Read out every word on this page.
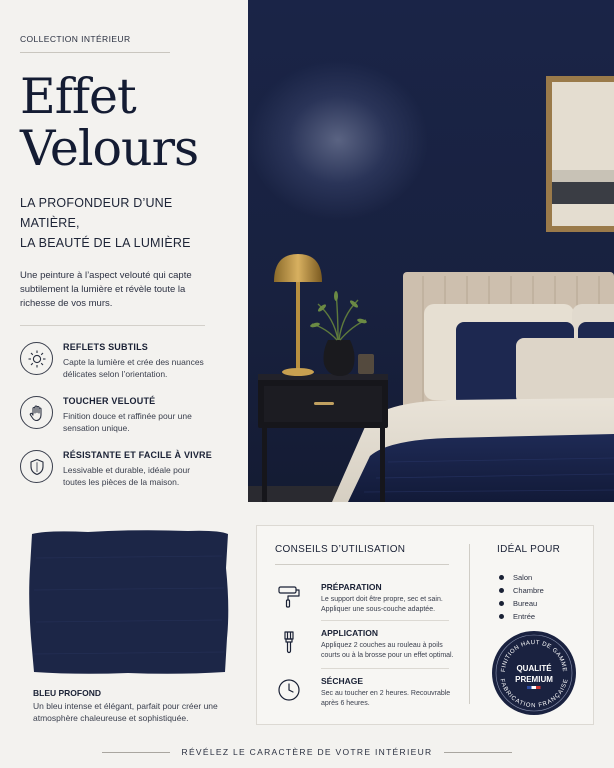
COLLECTION INTÉRIEUR
Effet
Velours
LA PROFONDEUR D’UNE MATIÈRE,
LA BEAUTÉ DE LA LUMIÈRE
Une peinture à l’aspect velouté qui capte subtilement la lumière et révèle toute la richesse de vos murs.
REFLETS SUBTILS
Capte la lumière et crée des nuances délicates selon l’orientation.
TOUCHER VELOUTÉ
Finition douce et raffinée pour une sensation unique.
RÉSISTANTE ET FACILE À VIVRE
Lessivable et durable, idéale pour toutes les pièces de la maison.
BLEU PROFOND
Un bleu intense et élégant, parfait pour créer une atmosphère chaleureuse et sophistiquée.
CONSEILS D’UTILISATION
PRÉPARATION
Le support doit être propre, sec et sain. Appliquer une sous-couche adaptée.
APPLICATION
Appliquez 2 couches au rouleau à poils courts ou à la brosse pour un effet optimal.
SÉCHAGE
Sec au toucher en 2 heures. Recouvrable après 6 heures.
IDÉAL POUR
Salon
Chambre
Bureau
Entrée
FINITION HAUT DE GAMME
FABRICATION FRANÇAISE
QUALITÉ
PREMIUM
RÉVÉLEZ LE CARACTÈRE DE VOTRE INTÉRIEUR
